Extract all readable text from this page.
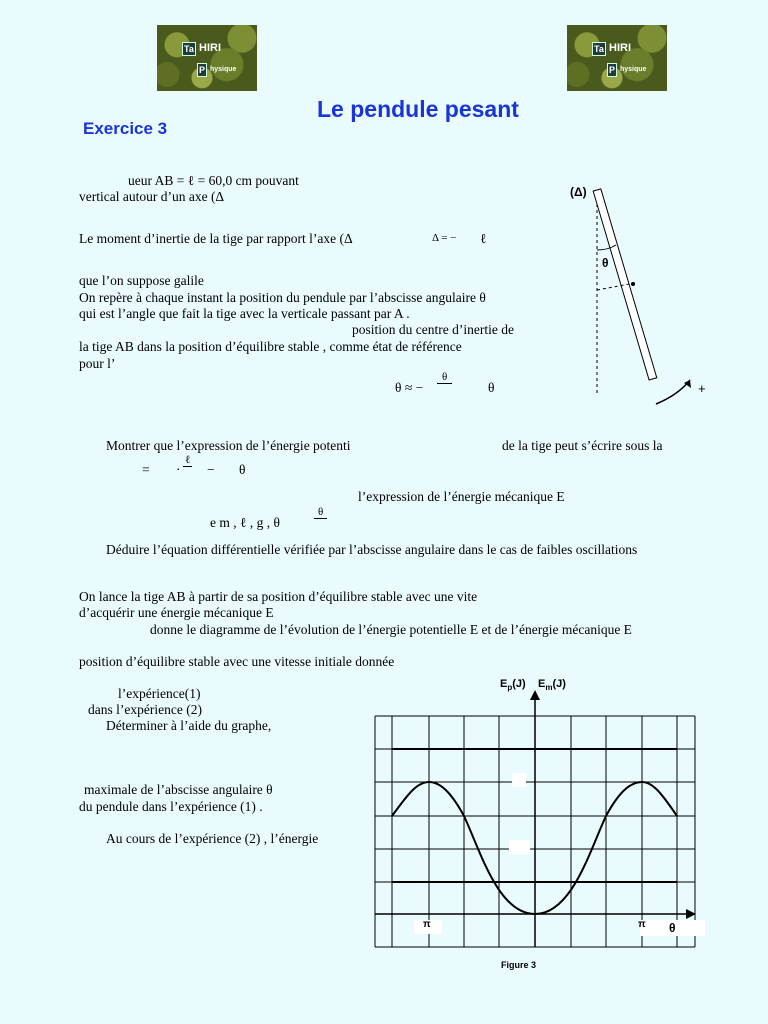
Ta HIRI
P hysique
Ta HIRI
P hysique
Le pendule pesant
Exercice 3
ueur AB = ℓ = 60,0 cm pouvant
vertical autour d’un axe (Δ
Le moment d’inertie de la tige par rapport l’axe (Δ	Δ = − ℓ
que l’on suppose galile
On repère à chaque instant la position du pendule par l’abscisse angulaire θ
qui est l’angle que fait la tige avec la verticale passant par A .
position du centre d’inertie de
la tige AB dans la position d’équilibre stable , comme état de référence
pour l’
θ ≈ −
θ
θ
Montrer que l’expression de l’énergie potenti	de la tige peut s’écrire sous la
= ·
ℓ
− θ
l’expression de l’énergie mécanique E
e m , ℓ , g , θ
θ
Déduire l’équation différentielle vérifiée par l’abscisse angulaire dans le cas de faibles oscillations
On lance la tige AB à partir de sa position d’équilibre stable avec une vite
d’acquérir une énergie mécanique E
donne le diagramme de l’évolution de l’énergie potentielle E et de l’énergie mécanique E
position d’équilibre stable avec une vitesse initiale donnée
l’expérience(1)
dans l’expérience (2)
Déterminer à l’aide du graphe,
maximale de l’abscisse angulaire θ
du pendule dans l’expérience (1) .
Au cours de l’expérience (2) , l’énergie
(Δ)
θ
+
$E_p(J)$ $E_m(J)$
π	π θ
Figure 3
